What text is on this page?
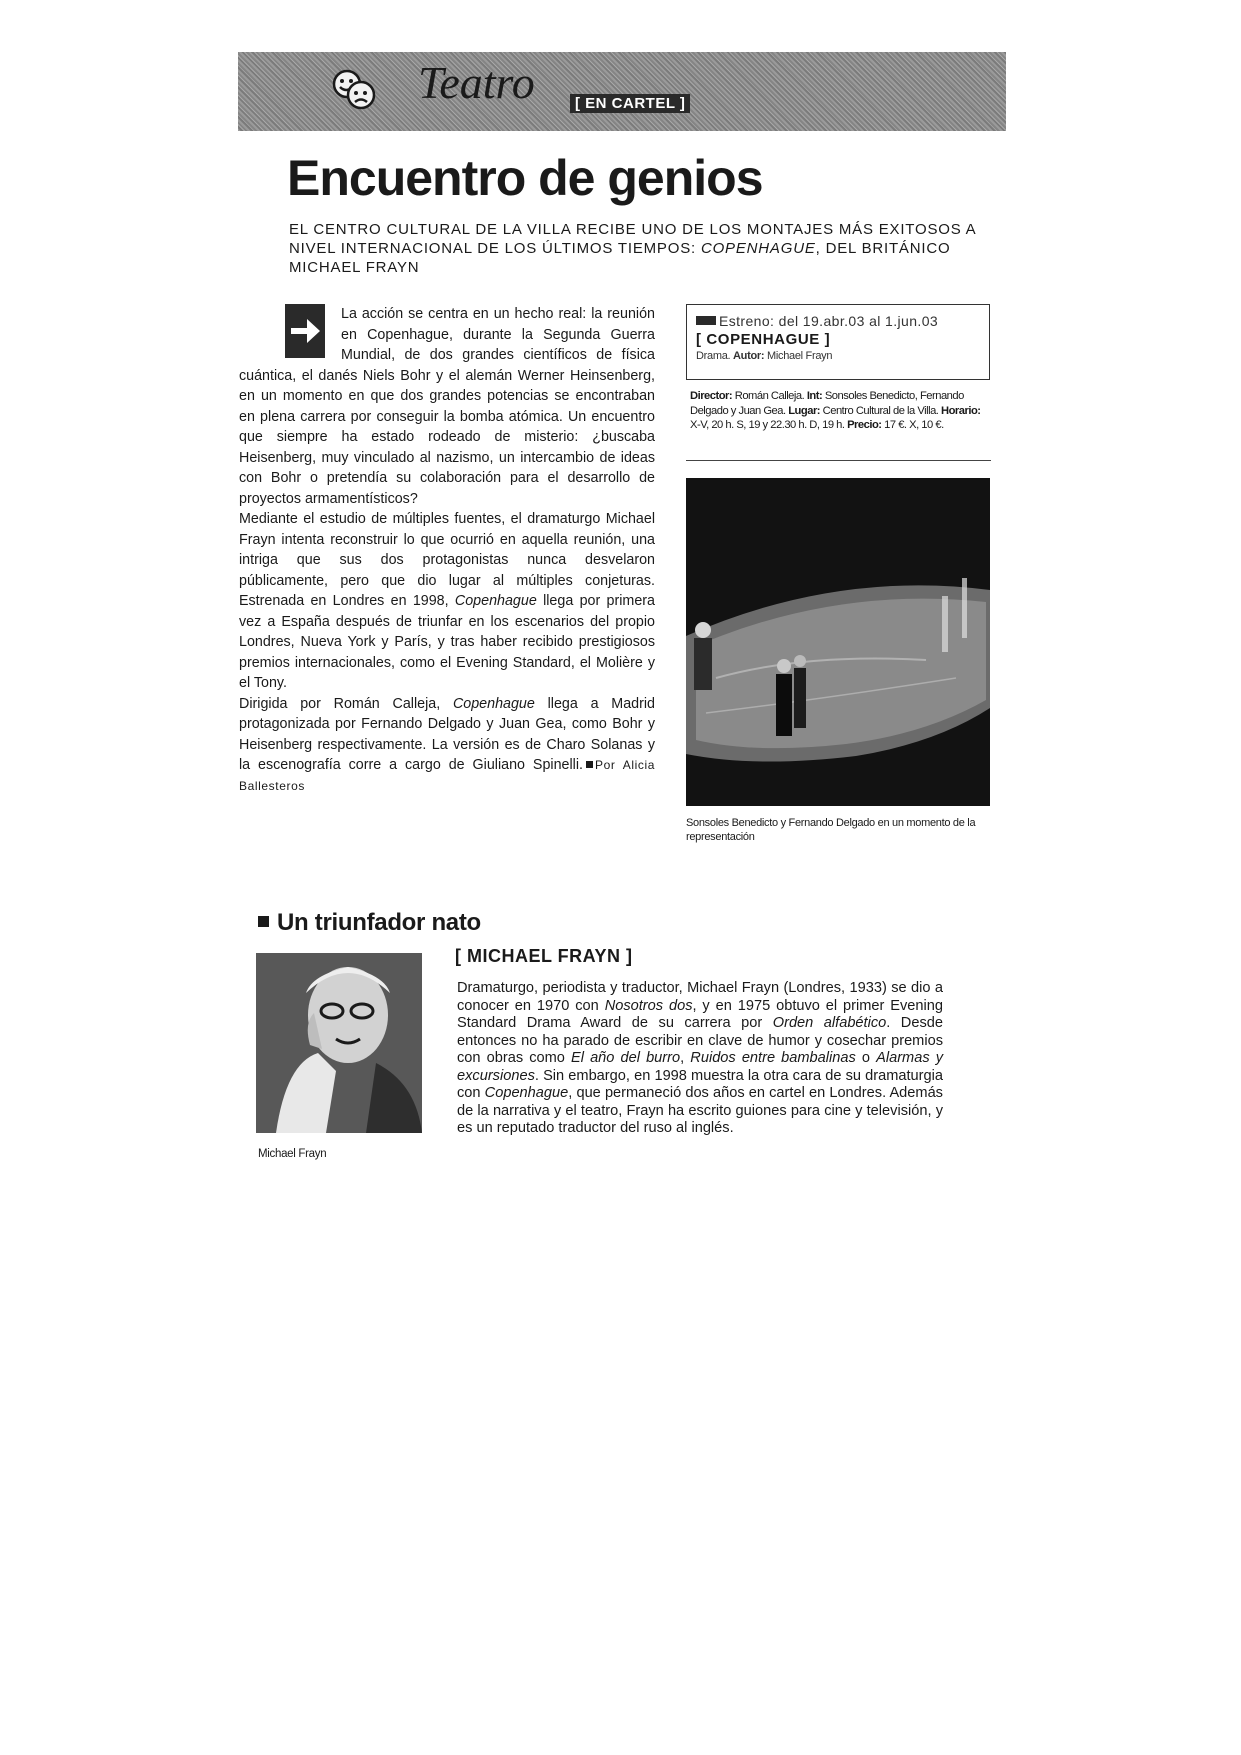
Teatro	[ EN CARTEL ]
Encuentro de genios

EL CENTRO CULTURAL DE LA VILLA RECIBE UNO DE LOS MONTAJES MÁS EXITOSOS A NIVEL INTERNACIONAL DE LOS ÚLTIMOS TIEMPOS: COPENHAGUE, DEL BRITÁNICO MICHAEL FRAYN

La acción se centra en un hecho real: la reunión en Copenhague, durante la Segunda Guerra Mundial, de dos grandes científicos de física cuántica, el danés Niels Bohr y el alemán Werner Heinsenberg, en un momento en que dos grandes potencias se encontraban en plena carrera por conseguir la bomba atómica. Un encuentro que siempre ha estado rodeado de misterio: ¿buscaba Heisenberg, muy vinculado al nazismo, un intercambio de ideas con Bohr o pretendía su colaboración para el desarrollo de proyectos armamentísticos?

Mediante el estudio de múltiples fuentes, el dramaturgo Michael Frayn intenta reconstruir lo que ocurrió en aquella reunión, una intriga que sus dos protagonistas nunca desvelaron públicamente, pero que dio lugar al múltiples conjeturas. Estrenada en Londres en 1998, Copenhague llega por primera vez a España después de triunfar en los escenarios del propio Londres, Nueva York y París, y tras haber recibido prestigiosos premios internacionales, como el Evening Standard, el Molière y el Tony.

Dirigida por Román Calleja, Copenhague llega a Madrid protagonizada por Fernando Delgado y Juan Gea, como Bohr y Heisenberg respectivamente. La versión es de Charo Solanas y la escenografía corre a cargo de Giuliano Spinelli. Por Alicia Ballesteros

Estreno: del 19.abr.03 al 1.jun.03
[ COPENHAGUE ]
Drama. Autor: Michael Frayn

Director: Román Calleja. Int: Sonsoles Benedicto, Fernando Delgado y Juan Gea. Lugar: Centro Cultural de la Villa. Horario: X-V, 20 h. S, 19 y 22.30 h. D, 19 h. Precio: 17 €. X, 10 €.

Sonsoles Benedicto y Fernando Delgado en un momento de la representación

Un triunfador nato

Michael Frayn

[ MICHAEL FRAYN ]

Dramaturgo, periodista y traductor, Michael Frayn (Londres, 1933) se dio a conocer en 1970 con Nosotros dos, y en 1975 obtuvo el primer Evening Standard Drama Award de su carrera por Orden alfabético. Desde entonces no ha parado de escribir en clave de humor y cosechar premios con obras como El año del burro, Ruidos entre bambalinas o Alarmas y excursiones. Sin embargo, en 1998 muestra la otra cara de su dramaturgia con Copenhague, que permaneció dos años en cartel en Londres. Además de la narrativa y el teatro, Frayn ha escrito guiones para cine y televisión, y es un reputado traductor del ruso al inglés.
